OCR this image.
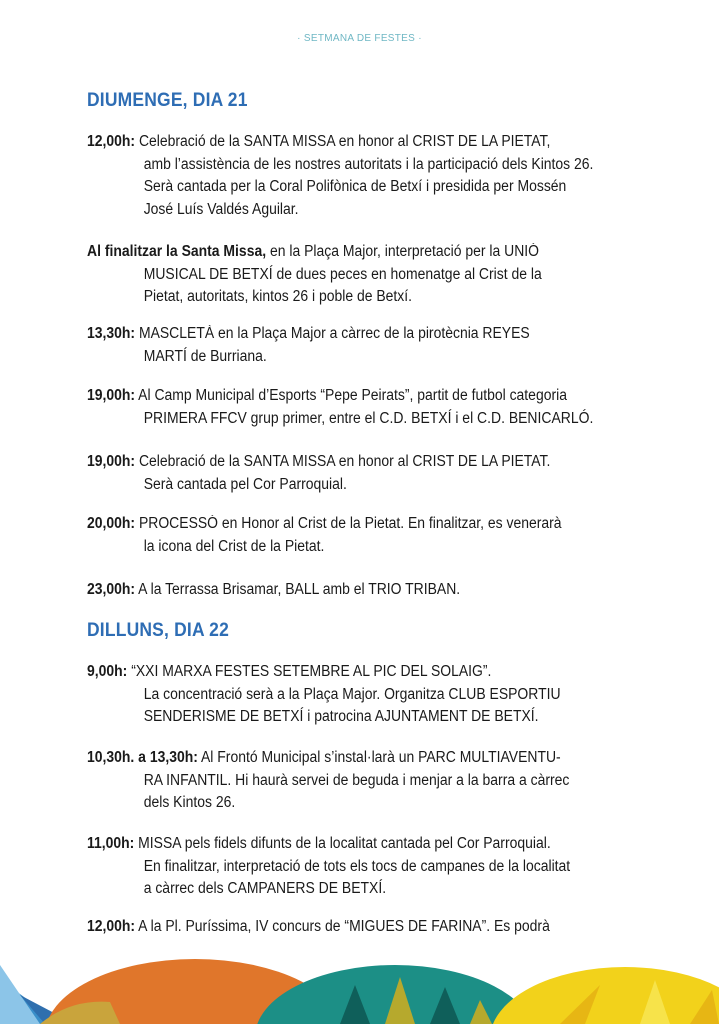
· SETMANA DE FESTES ·
DIUMENGE, DIA 21
12,00h: Celebració de la SANTA MISSA en honor al CRIST DE LA PIETAT,
amb l’assistència de les nostres autoritats i la participació dels Kintos 26.
Serà cantada per la Coral Polifònica de Betxí i presidida per Mossén
José Luís Valdés Aguilar.
Al finalitzar la Santa Missa, en la Plaça Major, interpretació per la UNIÓ
MUSICAL DE BETXÍ de dues peces en homenatge al Crist de la
Pietat, autoritats, kintos 26 i poble de Betxí.
13,30h: MASCLETÀ en la Plaça Major a càrrec de la pirotècnia REYES
MARTÍ de Burriana.
19,00h: Al Camp Municipal d’Esports “Pepe Peirats”, partit de futbol categoria
PRIMERA FFCV grup primer, entre el C.D. BETXÍ i el C.D. BENICARLÓ.
19,00h: Celebració de la SANTA MISSA en honor al CRIST DE LA PIETAT.
Serà cantada pel Cor Parroquial.
20,00h: PROCESSÓ en Honor al Crist de la Pietat. En finalitzar, es venerarà
la icona del Crist de la Pietat.
23,00h: A la Terrassa Brisamar, BALL amb el TRIO TRIBAN.
DILLUNS, DIA 22
9,00h: “XXI MARXA FESTES SETEMBRE AL PIC DEL SOLAIG”.
La concentració serà a la Plaça Major. Organitza CLUB ESPORTIU
SENDERISME DE BETXÍ i patrocina AJUNTAMENT DE BETXÍ.
10,30h. a 13,30h: Al Frontó Municipal s’instal·larà un PARC MULTIAVENTU-
RA INFANTIL. Hi haurà servei de beguda i menjar a la barra a càrrec
dels Kintos 26.
11,00h: MISSA pels fidels difunts de la localitat cantada pel Cor Parroquial.
En finalitzar, interpretació de tots els tocs de campanes de la localitat
a càrrec dels CAMPANERS DE BETXÍ.
12,00h: A la Pl. Puríssima, IV concurs de “MIGUES DE FARINA”. Es podrà
